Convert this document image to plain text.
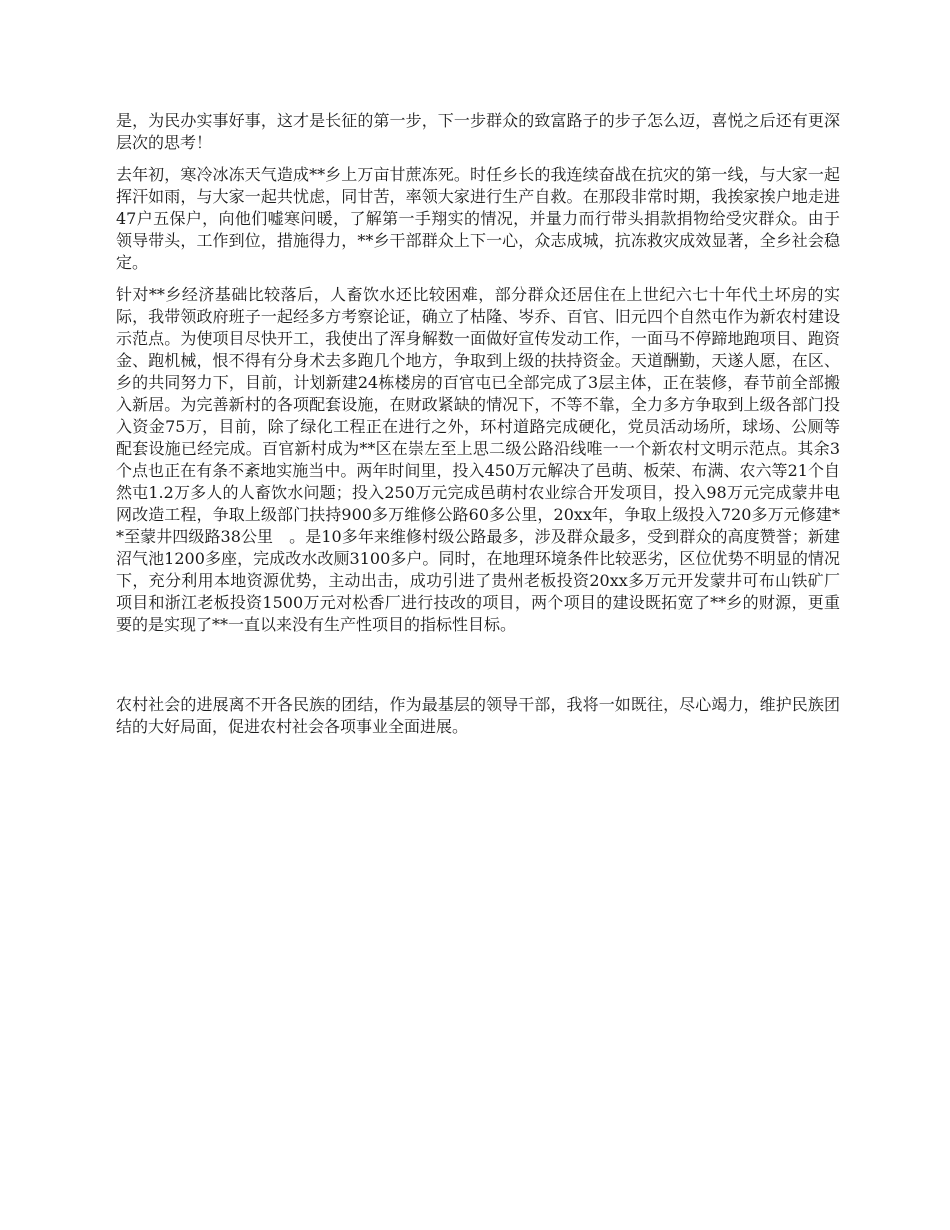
是，为民办实事好事，这才是长征的第一步，下一步群众的致富路子的步子怎么迈，喜悦之后还有更深层次的思考！

去年初，寒冷冰冻天气造成**乡上万亩甘蔗冻死。时任乡长的我连续奋战在抗灾的第一线，与大家一起挥汗如雨，与大家一起共忧虑，同甘苦，率领大家进行生产自救。在那段非常时期，我挨家挨户地走进47户五保户，向他们嘘寒问暖，了解第一手翔实的情况，并量力而行带头捐款捐物给受灾群众。由于领导带头，工作到位，措施得力，**乡干部群众上下一心，众志成城，抗冻救灾成效显著，全乡社会稳定。

针对**乡经济基础比较落后，人畜饮水还比较困难，部分群众还居住在上世纪六七十年代土坏房的实际，我带领政府班子一起经多方考察论证，确立了枯隆、岑乔、百官、旧元四个自然屯作为新农村建设示范点。为使项目尽快开工，我使出了浑身解数一面做好宣传发动工作，一面马不停蹄地跑项目、跑资金、跑机械，恨不得有分身术去多跑几个地方，争取到上级的扶持资金。天道酬勤，天遂人愿，在区、乡的共同努力下，目前，计划新建24栋楼房的百官屯已全部完成了3层主体，正在装修，春节前全部搬入新居。为完善新村的各项配套设施，在财政紧缺的情况下，不等不靠，全力多方争取到上级各部门投入资金75万，目前，除了绿化工程正在进行之外，环村道路完成硬化，党员活动场所，球场、公厕等配套设施已经完成。百官新村成为**区在崇左至上思二级公路沿线唯一一个新农村文明示范点。其余3个点也正在有条不紊地实施当中。两年时间里，投入450万元解决了邑萌、板荣、布满、农六等21个自然屯1.2万多人的人畜饮水问题；投入250万元完成邑萌村农业综合开发项目，投入98万元完成蒙井电网改造工程，争取上级部门扶持900多万维修公路60多公里，20xx年，争取上级投入720多万元修建**至蒙井四级路38公里　。是10多年来维修村级公路最多，涉及群众最多，受到群众的高度赞誉；新建沼气池1200多座，完成改水改厕3100多户。同时，在地理环境条件比较恶劣，区位优势不明显的情况下，充分利用本地资源优势，主动出击，成功引进了贵州老板投资20xx多万元开发蒙井可布山铁矿厂项目和浙江老板投资1500万元对松香厂进行技改的项目，两个项目的建设既拓宽了**乡的财源，更重要的是实现了**一直以来没有生产性项目的指标性目标。

农村社会的进展离不开各民族的团结，作为最基层的领导干部，我将一如既往，尽心竭力，维护民族团结的大好局面，促进农村社会各项事业全面进展。
